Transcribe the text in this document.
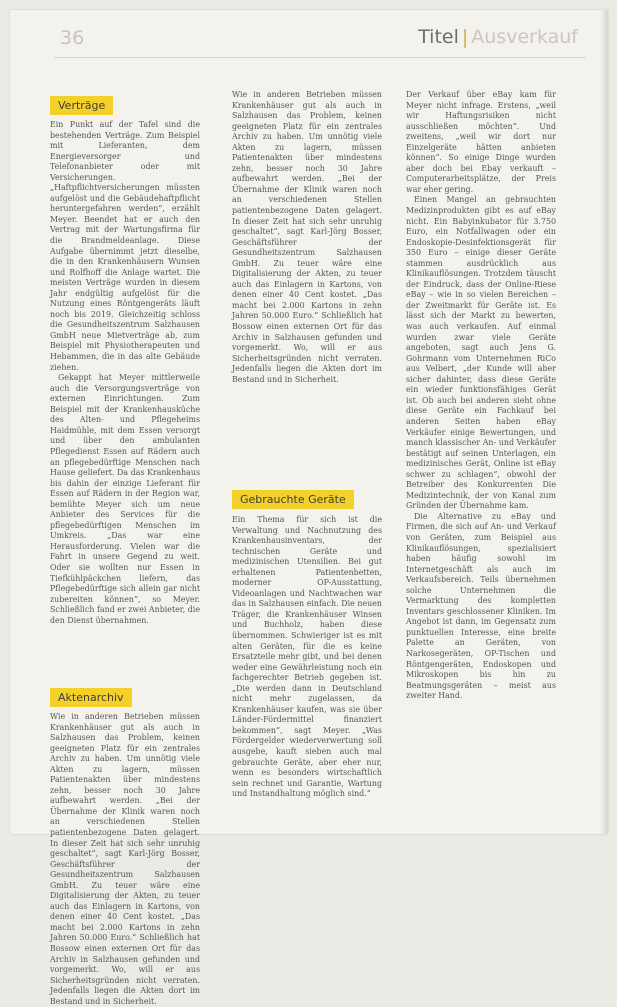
36	Titel | Ausverkauf
Verträge

Ein Punkt auf der Tafel sind die bestehenden Verträge. Zum Beispiel mit Lieferanten, dem Energieversorger und Telefonanbieter oder mit Versicherungen. „Haftpflichtversicherungen müssten aufgelöst und die Gebäudehaftpflicht heruntergefahren werden“, erzählt Meyer. Beendet hat er auch den Vertrag mit der Wartungsfirma für die Brandmeldeanlage. Diese Aufgabe übernimmt jetzt dieselbe, die in den Krankenhäusern Wunsen und Rolfhoff die Anlage wartet. Die meisten Verträge wurden in diesem Jahr endgültig aufgelöst für die Nutzung eines Röntgengeräts läuft noch bis 2019. Gleichzeitig schloss die Gesundheitszentrum Salzhausen GmbH neue Mietverträge ab, zum Beispiel mit Physiotherapeuten und Hebammen, die in das alte Gebäude ziehen.

Gekappt hat Meyer mittlerweile auch die Versorgungsverträge von externen Einrichtungen. Zum Beispiel mit der Krankenhausküche des Alten- und Pflegeheims Haidmühle, mit dem Essen versorgt und über den ambulanten Pflegedienst Essen auf Rädern auch an pflegebedürftige Menschen nach Hause geliefert. Da das Krankenhaus bis dahin der einzige Lieferant für Essen auf Rädern in der Region war, bemühte Meyer sich um neue Anbieter des Services für die pflegebedürftigen Menschen im Umkreis. „Das war eine Herausforderung. Vielen war die Fahrt in unsere Gegend zu weit. Oder sie wollten nur Essen in Tiefkühlpäckchen liefern, das Pflegebedürftige sich allein gar nicht zubereiten können“, so Meyer. Schließlich fand er zwei Anbieter, die den Dienst übernahmen.

Aktenarchiv

Wie in anderen Betrieben müssen Krankenhäuser gut als auch in Salzhausen das Problem, keinen geeigneten Platz für ein zentrales Archiv zu haben. Um unnötig viele Akten zu lagern, müssen Patientenakten über mindestens zehn, besser noch 30 Jahre aufbewahrt werden. „Bei der Übernahme der Klinik waren noch an verschiedenen Stellen patientenbezogene Daten gelagert. In dieser Zeit hat sich sehr unruhig geschaltet“, sagt Karl-Jörg Bosser, Geschäftsführer der Gesundheitszentrum Salzhausen GmbH. Zu teuer wäre eine Digitalisierung der Akten, zu teuer auch das Einlagern in Kartons, von denen einer 40 Cent kostet. „Das macht bei 2.000 Kartons in zehn Jahren 50.000 Euro.“ Schließlich hat Bossow einen externen Ort für das Archiv in Salzhausen gefunden und vorgemerkt. Wo, will er aus Sicherheitsgründen nicht verraten. Jedenfalls liegen die Akten dort im Bestand und in Sicherheit.

Wie in anderen Betrieben müssen Krankenhäuser gut als auch in Salzhausen das Problem, keinen geeigneten Platz für ein zentrales Archiv zu haben. Um unnötig viele Akten zu lagern, müssen Patientenakten über mindestens zehn, besser noch 30 Jahre aufbewahrt werden. „Bei der Übernahme der Klinik waren noch an verschiedenen Stellen patientenbezogene Daten gelagert. In dieser Zeit hat sich sehr unruhig geschaltet“, sagt Karl-Jörg Bosser, Geschäftsführer der Gesundheitszentrum Salzhausen GmbH. Zu teuer wäre eine Digitalisierung der Akten, zu teuer auch das Einlagern in Kartons, von denen einer 40 Cent kostet. „Das macht bei 2.000 Kartons in zehn Jahren 50.000 Euro.“ Schließlich hat Bossow einen externen Ort für das Archiv in Salzhausen gefunden und vorgemerkt. Wo, will er aus Sicherheitsgründen nicht verraten. Jedenfalls liegen die Akten dort im Bestand und in Sicherheit.

Gebrauchte Geräte

Ein Thema für sich ist die Verwaltung und Nachnutzung des Krankenhausinventars, der technischen Geräte und medizinischen Utensilien. Bei gut erhaltenen Patientenbetten, moderner OP-Ausstattung, Videoanlagen und Nachtwachen war das in Salzhausen einfach. Die neuen Träger, die Krankenhäuser Winsen und Buchholz, haben diese übernommen. Schwieriger ist es mit alten Geräten, für die es keine Ersatzteile mehr gibt, und bei denen weder eine Gewährleistung noch ein fachgerechter Betrieb gegeben ist. „Die werden dann in Deutschland nicht mehr zugelassen, da Krankenhäuser kaufen, was sie über Länder-Fördermittel finanziert bekommen“, sagt Meyer. „Was Fördergelder wiederverwertung soll ausgebe, kauft sieben auch mal gebrauchte Geräte, aber eher nur, wenn es besonders wirtschaftlich sein rechnet und Garantie, Wartung und Instandhaltung möglich sind.“

Der Verkauf über eBay kam für Meyer nicht infrage. Erstens, „weil wir Haftungsrisiken nicht ausschließen möchten“. Und zweitens, „weil wir dort nur Einzelgeräte hätten anbieten können“. So einige Dinge wurden aber doch bei Ebay verkauft – Computerarbeitsplätze, der Preis war eher gering.

Einen Mangel an gebrauchten Medizinprodukten gibt es auf eBay nicht. Ein Babyinkubator für 3.750 Euro, ein Notfallwagen oder ein Endoskopie-Desinfektionsgerät für 350 Euro – einige dieser Geräte stammen ausdrücklich aus Klinikauflösungen. Trotzdem täuscht der Eindruck, dass der Online-Riese eBay – wie in so vielen Bereichen – der Zweitmarkt für Geräte ist. Es lässt sich der Markt zu bewerten, was auch verkaufen. Auf einmal wurden zwar viele Geräte angeboten, sagt auch Jens G. Gohrmann vom Unternehmen RiCo aus Velbert, „der Kunde will aber sicher dahinter, dass diese Geräte ein wieder funktionsfähiges Gerät ist. Ob auch bei anderen sieht ohne diese Geräte ein Fachkauf bei anderen Seiten haben eBay Verkäufer einige Bewertungen, und manch klassischer An- und Verkäufer bestätigt auf seinen Unterlagen, ein medizinisches Gerät, Online ist eBay schwer zu schlagen“, obwohl der Betreiber des Konkurrenten Die Medizintechnik, der von Kanal zum Gründen der Übernahme kam.

Die Alternative zu eBay und Firmen, die sich auf An- und Verkauf von Geräten, zum Beispiel aus Klinikauflösungen, spezialisiert haben häufig sowohl im Internetgeschäft als auch im Verkaufsbereich. Teils übernehmen solche Unternehmen die Vermarktung des kompletten Inventars geschlossener Kliniken. Im Angebot ist dann, im Gegensatz zum punktuellen Interesse, eine breite Palette an Geräten, von Narkosegeräten, OP-Tischen und Röntgengeräten, Endoskopen und Mikroskopen bis hin zu Beatmungsgeräten – meist aus zweiter Hand.
